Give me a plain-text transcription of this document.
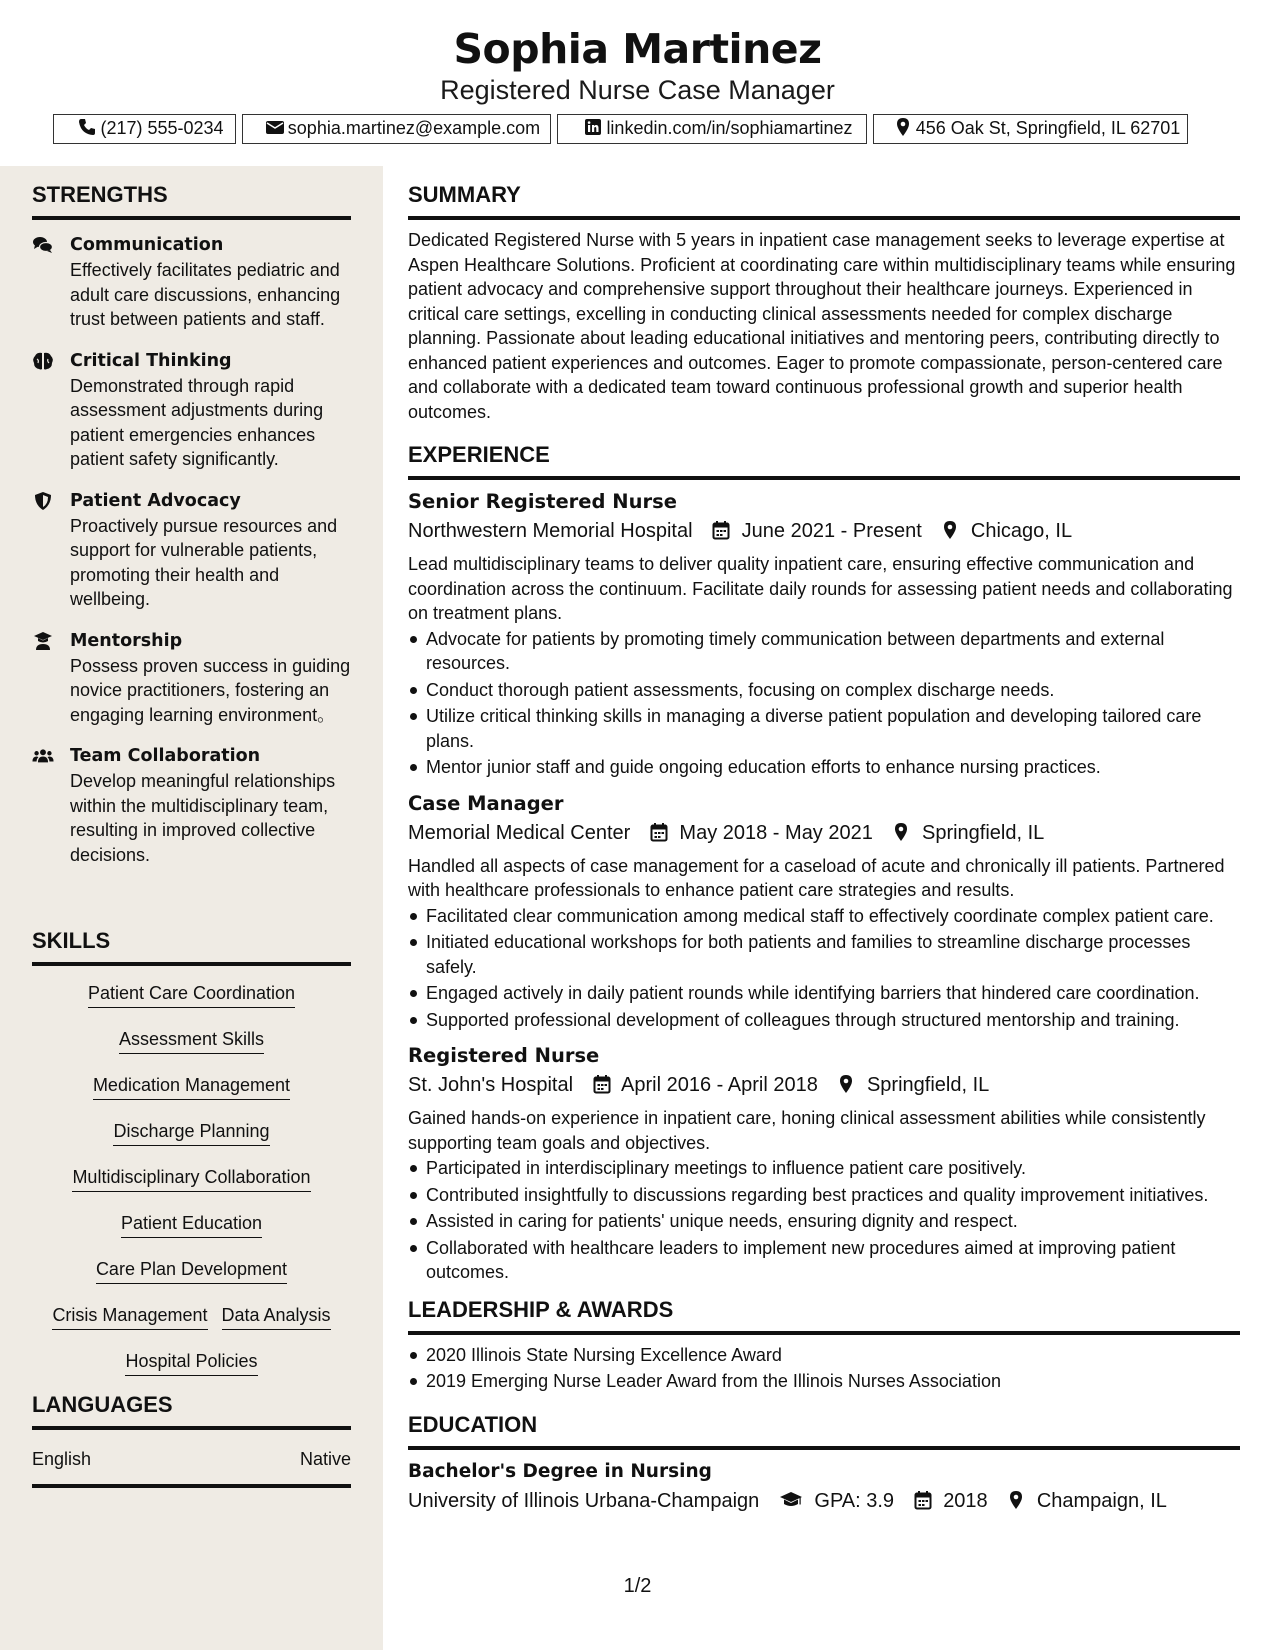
Sophia Martinez
Registered Nurse Case Manager
(217) 555-0234	sophia.martinez@example.com	linkedin.com/in/sophiamartinez	456 Oak St, Springfield, IL 62701
STRENGTHS
Communication
Effectively facilitates pediatric and adult care discussions, enhancing trust between patients and staff.
Critical Thinking
Demonstrated through rapid assessment adjustments during patient emergencies enhances patient safety significantly.
Patient Advocacy
Proactively pursue resources and support for vulnerable patients, promoting their health and wellbeing.
Mentorship
Possess proven success in guiding novice practitioners, fostering an engaging learning environment。
Team Collaboration
Develop meaningful relationships within the multidisciplinary team, resulting in improved collective decisions.
SKILLS
Patient Care Coordination
Assessment Skills
Medication Management
Discharge Planning
Multidisciplinary Collaboration
Patient Education
Care Plan Development
Crisis Management Data Analysis
Hospital Policies
LANGUAGES
English	Native
SUMMARY
Dedicated Registered Nurse with 5 years in inpatient case management seeks to leverage expertise at Aspen Healthcare Solutions. Proficient at coordinating care within multidisciplinary teams while ensuring patient advocacy and comprehensive support throughout their healthcare journeys. Experienced in critical care settings, excelling in conducting clinical assessments needed for complex discharge planning. Passionate about leading educational initiatives and mentoring peers, contributing directly to enhanced patient experiences and outcomes. Eager to promote compassionate, person-centered care and collaborate with a dedicated team toward continuous professional growth and superior health outcomes.
EXPERIENCE
Senior Registered Nurse
Northwestern Memorial Hospital June 2021 - Present Chicago, IL
Lead multidisciplinary teams to deliver quality inpatient care, ensuring effective communication and coordination across the continuum. Facilitate daily rounds for assessing patient needs and collaborating on treatment plans.
Advocate for patients by promoting timely communication between departments and external resources.
Conduct thorough patient assessments, focusing on complex discharge needs.
Utilize critical thinking skills in managing a diverse patient population and developing tailored care plans.
Mentor junior staff and guide ongoing education efforts to enhance nursing practices.
Case Manager
Memorial Medical Center May 2018 - May 2021 Springfield, IL
Handled all aspects of case management for a caseload of acute and chronically ill patients. Partnered with healthcare professionals to enhance patient care strategies and results.
Facilitated clear communication among medical staff to effectively coordinate complex patient care.
Initiated educational workshops for both patients and families to streamline discharge processes safely.
Engaged actively in daily patient rounds while identifying barriers that hindered care coordination.
Supported professional development of colleagues through structured mentorship and training.
Registered Nurse
St. John's Hospital April 2016 - April 2018 Springfield, IL
Gained hands-on experience in inpatient care, honing clinical assessment abilities while consistently supporting team goals and objectives.
Participated in interdisciplinary meetings to influence patient care positively.
Contributed insightfully to discussions regarding best practices and quality improvement initiatives.
Assisted in caring for patients' unique needs, ensuring dignity and respect.
Collaborated with healthcare leaders to implement new procedures aimed at improving patient outcomes.
LEADERSHIP & AWARDS
2020 Illinois State Nursing Excellence Award
2019 Emerging Nurse Leader Award from the Illinois Nurses Association
EDUCATION
Bachelor's Degree in Nursing
University of Illinois Urbana-Champaign	GPA: 3.9 2018 Champaign, IL
1/2
